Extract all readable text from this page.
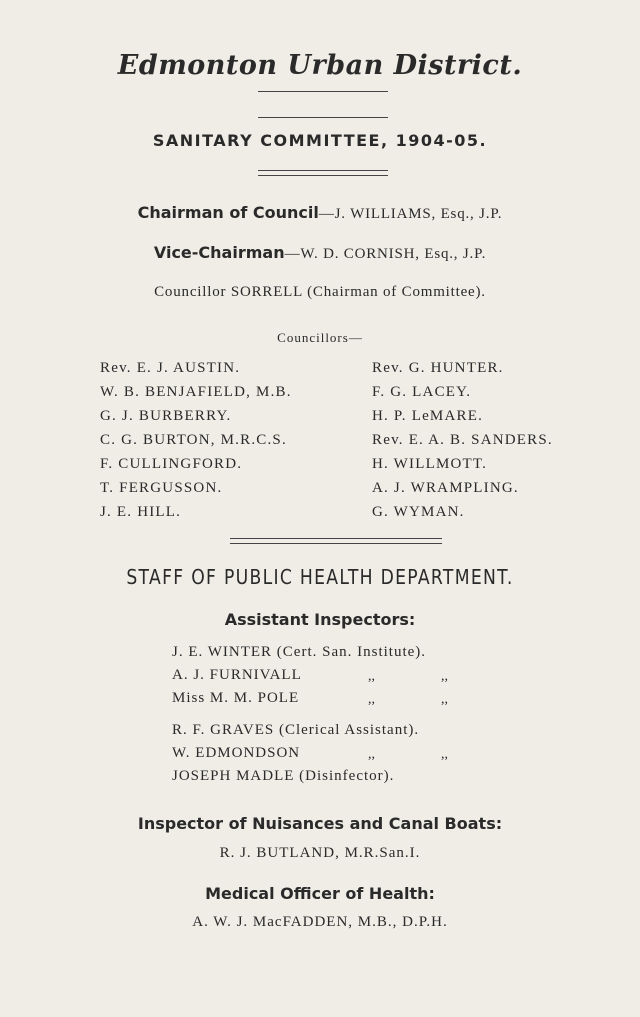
Edmonton Urban District.
SANITARY COMMITTEE, 1904-05.
Chairman of Council—J. WILLIAMS, Esq., J.P.
Vice-Chairman—W. D. CORNISH, Esq., J.P.
Councillor SORRELL (Chairman of Committee).
Councillors—
Rev. E. J. AUSTIN.
W. B. BENJAFIELD, M.B.
G. J. BURBERRY.
C. G. BURTON, M.R.C.S.
F. CULLINGFORD.
T. FERGUSSON.
J. E. HILL.
Rev. G. HUNTER.
F. G. LACEY.
H. P. LeMARE.
Rev. E. A. B. SANDERS.
H. WILLMOTT.
A. J. WRAMPLING.
G. WYMAN.
STAFF OF PUBLIC HEALTH DEPARTMENT.
Assistant Inspectors:
J. E. WINTER (Cert. San. Institute).
A. J. FURNIVALL	,,	,,
Miss M. M. POLE	,,	,,
R. F. GRAVES (Clerical Assistant).
W. EDMONDSON	,,	,,
JOSEPH MADLE (Disinfector).
Inspector of Nuisances and Canal Boats:
R. J. BUTLAND, M.R.San.I.
Medical Officer of Health:
A. W. J. MacFADDEN, M.B., D.P.H.
